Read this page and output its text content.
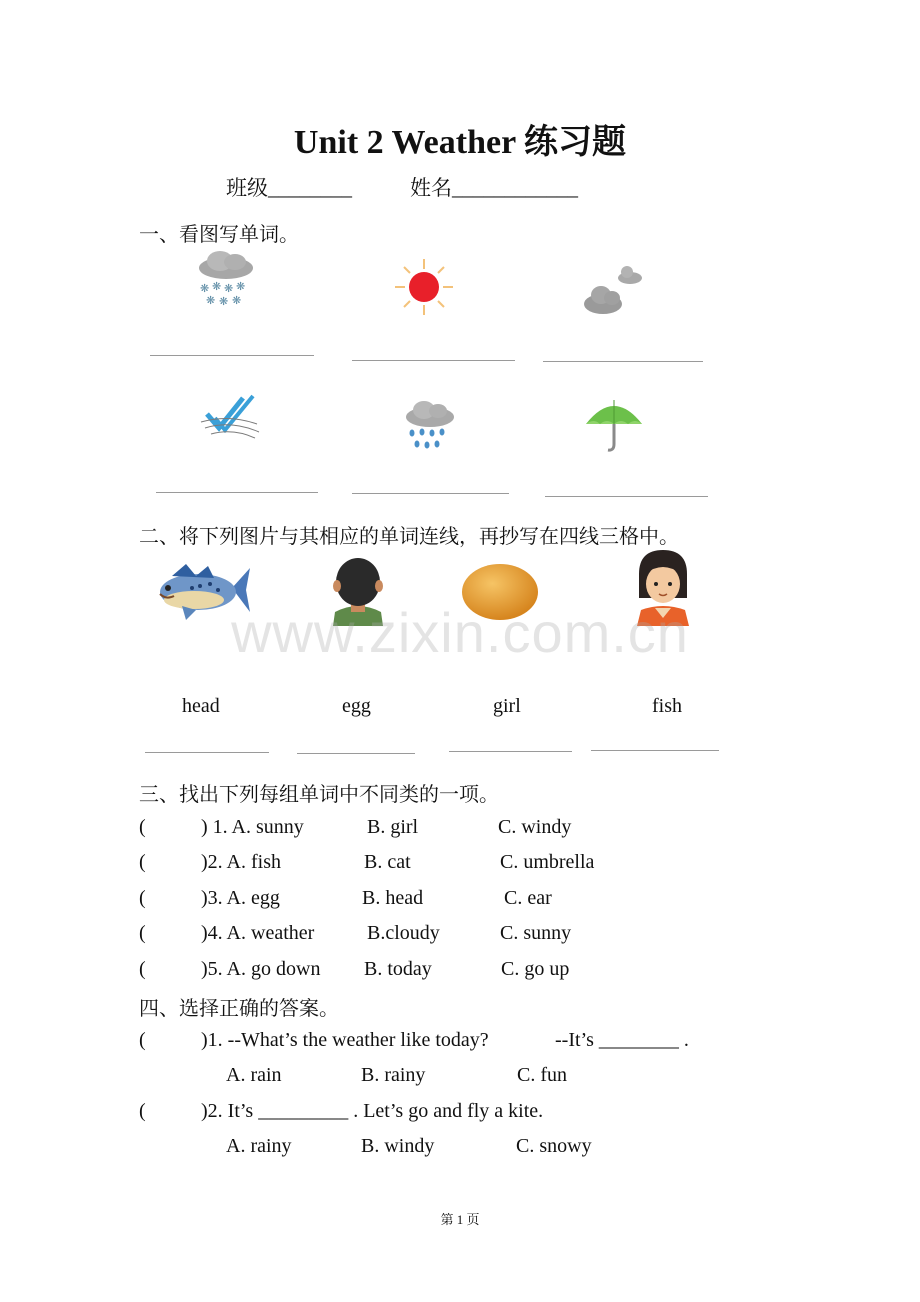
Unit 2 Weather 练习题
班级________	姓名____________
一、看图写单词。
❋ ❋ ❋ ❋
❋ ❋ ❋
二、将下列图片与其相应的单词连线，再抄写在四线三格中。
head	egg	girl	fish
三、找出下列每组单词中不同类的一项。
(	) 1. A. sunny	B. girl	C. windy
(	)2. A. fish	B. cat	C. umbrella
(	)3. A. egg	B. head	C. ear
(	)4. A. weather	B.cloudy	C. sunny
(	)5. A. go down B. today	C. go up
四、选择正确的答案。
(	)1. --What’s the weather like today?	--It’s ________ .
A. rain	B. rainy	C. fun
(	)2. It’s _________ . Let’s go and fly a kite.
A. rainy	B. windy	C. snowy
第 1 页
www.zixin.com.cn
